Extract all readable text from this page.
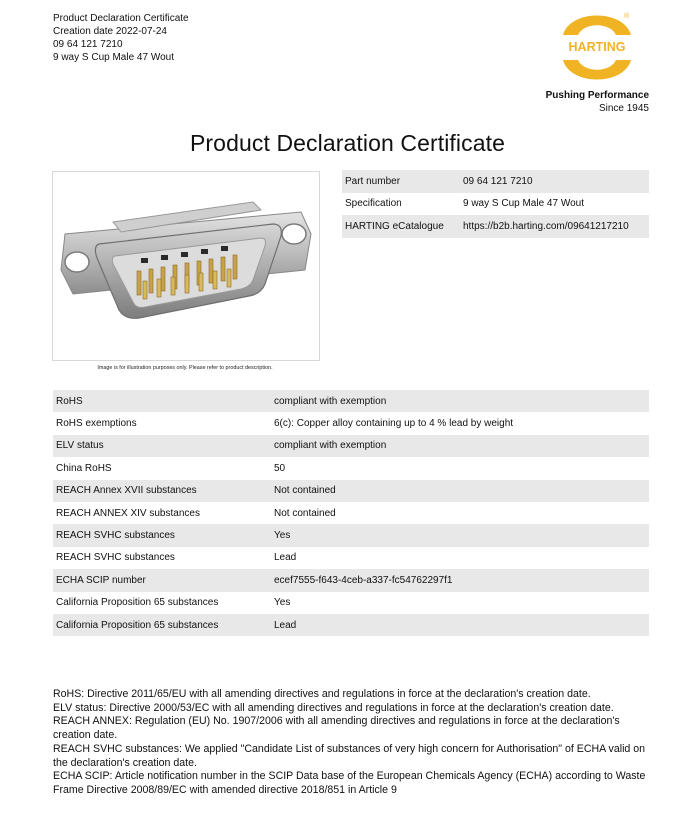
Product Declaration Certificate
Creation date 2022-07-24
09 64 121 7210
9 way S Cup Male 47 Wout
HARTING
®
Pushing Performance
Since 1945
Product Declaration Certificate
Image is for illustration purposes only. Please refer to product description.
Part number	09 64 121 7210
Specification	9 way S Cup Male 47 Wout
HARTING eCatalogue	https://b2b.harting.com/09641217210
RoHS	compliant with exemption
RoHS exemptions	6(c): Copper alloy containing up to 4 % lead by weight
ELV status	compliant with exemption
China RoHS	50
REACH Annex XVII substances	Not contained
REACH ANNEX XIV substances	Not contained
REACH SVHC substances	Yes
REACH SVHC substances	Lead
ECHA SCIP number	ecef7555-f643-4ceb-a337-fc54762297f1
California Proposition 65 substances	Yes
California Proposition 65 substances	Lead
RoHS: Directive 2011/65/EU with all amending directives and regulations in force at the declaration's creation date.
ELV status: Directive 2000/53/EC with all amending directives and regulations in force at the declaration's creation date.
REACH ANNEX: Regulation (EU) No. 1907/2006 with all amending directives and regulations in force at the declaration's creation date.
REACH SVHC substances: We applied "Candidate List of substances of very high concern for Authorisation" of ECHA valid on the declaration's creation date.
ECHA SCIP: Article notification number in the SCIP Data base of the European Chemicals Agency (ECHA) according to Waste Frame Directive 2008/89/EC with amended directive 2018/851 in Article 9
